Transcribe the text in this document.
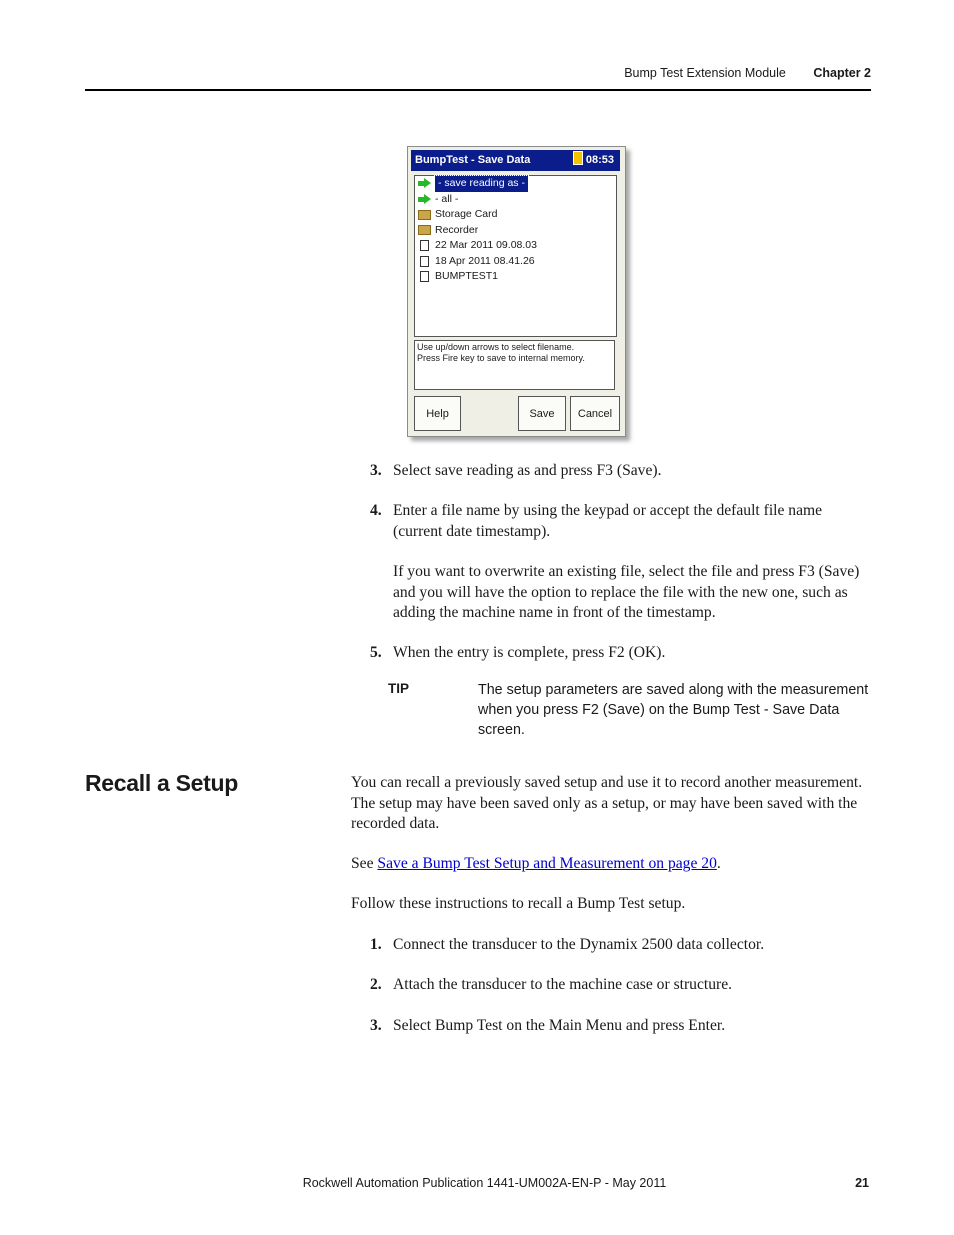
Bump Test Extension Module Chapter 2
BumpTest - Save Data	08:53
- save reading as -
- all -
Storage Card
Recorder
22 Mar 2011 09.08.03
18 Apr 2011 08.41.26
BUMPTEST1
Use up/down arrows to select filename.
Press Fire key to save to internal memory.
Help	Save	Cancel
3. Select save reading as and press F3 (Save).
4. Enter a file name by using the keypad or accept the default file name (current date timestamp).
If you want to overwrite an existing file, select the file and press F3 (Save) and you will have the option to replace the file with the new one, such as adding the machine name in front of the timestamp.
5. When the entry is complete, press F2 (OK).
TIP	The setup parameters are saved along with the measurement when you press F2 (Save) on the Bump Test - Save Data screen.
Recall a Setup	You can recall a previously saved setup and use it to record another measurement. The setup may have been saved only as a setup, or may have been saved with the recorded data.
See Save a Bump Test Setup and Measurement on page 20.
Follow these instructions to recall a Bump Test setup.
1. Connect the transducer to the Dynamix 2500 data collector.
2. Attach the transducer to the machine case or structure.
3. Select Bump Test on the Main Menu and press Enter.
Rockwell Automation Publication 1441-UM002A-EN-P - May 2011	21
